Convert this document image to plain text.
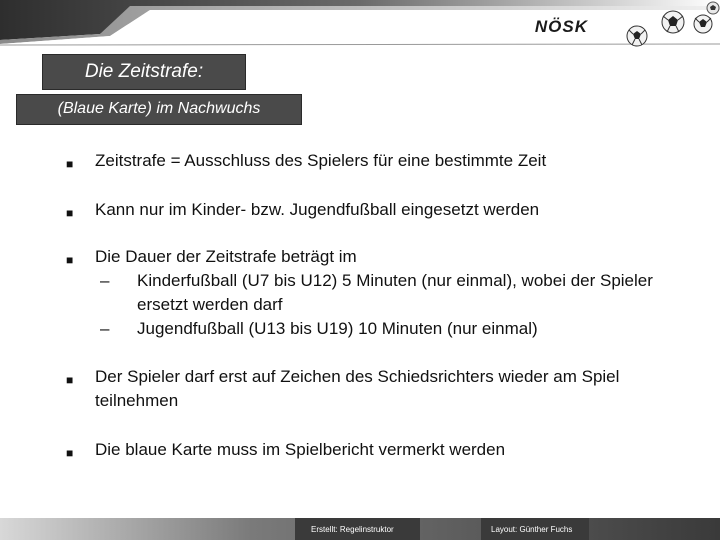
NÖSK
Die Zeitstrafe:
(Blaue Karte) im Nachwuchs
■ Zeitstrafe = Ausschluss des Spielers für eine bestimmte Zeit
■ Kann nur im Kinder- bzw. Jugendfußball eingesetzt werden
■ Die Dauer der Zeitstrafe beträgt im
– Kinderfußball (U7 bis U12) 5 Minuten (nur einmal), wobei der Spieler ersetzt werden darf
– Jugendfußball (U13 bis U19) 10 Minuten (nur einmal)
■ Der Spieler darf erst auf Zeichen des Schiedsrichters wieder am Spiel teilnehmen
■ Die blaue Karte muss im Spielbericht vermerkt werden
Erstellt: Regelinstruktor	Layout: Günther Fuchs
